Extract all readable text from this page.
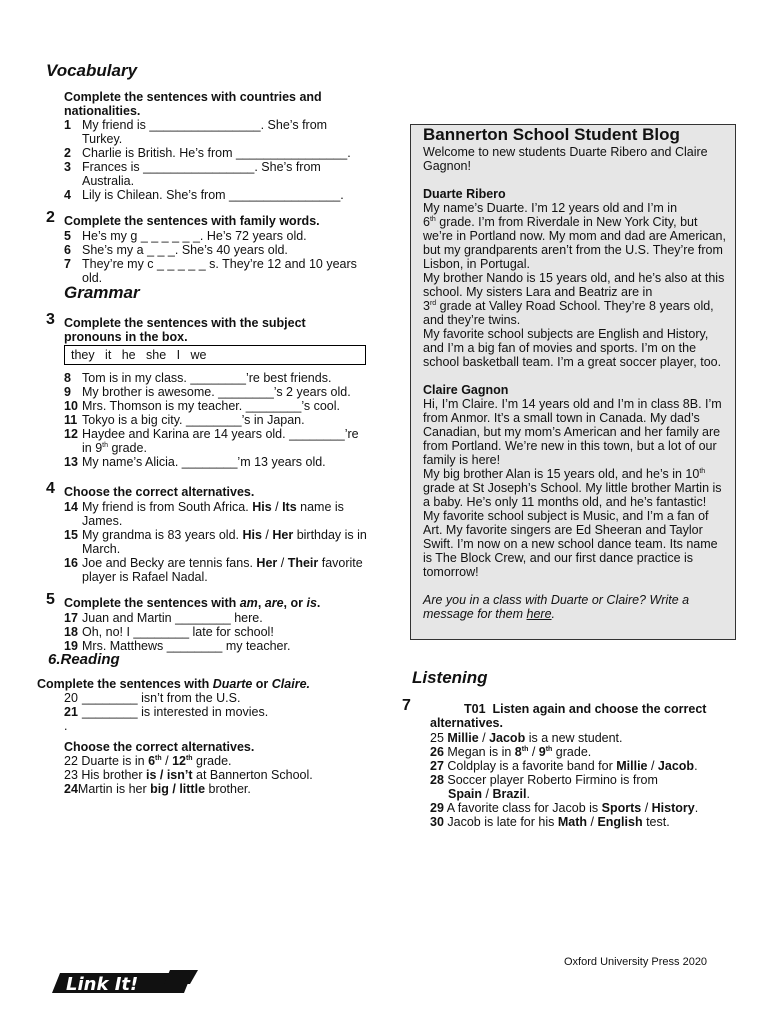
Vocabulary
Complete the sentences with countries and nationalities.
1 My friend is ________________. She’s from Turkey.
2 Charlie is British. He’s from ________________.
3 Frances is ________________. She’s from Australia.
4 Lily is Chilean. She’s from ________________.
2 Complete the sentences with family words.
5 He’s my g _ _ _ _ _ _. He’s 72 years old.
6 She’s my a _ _ _. She’s 40 years old.
7 They’re my c _ _ _ _ _ s. They’re 12 and 10 years old.
Grammar
3 Complete the sentences with the subject pronouns in the box.
they   it   he   she   I   we
8 Tom is in my class. ________’re best friends.
9 My brother is awesome. ________’s 2 years old.
10 Mrs. Thomson is my teacher. ________’s cool.
11 Tokyo is a big city. ________’s in Japan.
12 Haydee and Karina are 14 years old. ________’re
in 9th grade.
13 My name’s Alicia. ________’m 13 years old.
4 Choose the correct alternatives.
14 My friend is from South Africa. His / Its name is James.
15 My grandma is 83 years old. His / Her birthday is in March.
16 Joe and Becky are tennis fans. Her / Their favorite player is Rafael Nadal.
5 Complete the sentences with am, are, or is.
17 Juan and Martin ________ here.
18 Oh, no! I ________ late for school!
19 Mrs. Matthews ________ my teacher.
6.Reading
Complete the sentences with Duarte or Claire.
20 ________ isn’t from the U.S.
21 ________ is interested in movies.
.
Choose the correct alternatives.
22 Duarte is in 6th / 12th grade.
23 His brother is / isn’t at Bannerton School.
24Martin is her big / little brother.
Bannerton School Student Blog

Welcome to new students Duarte Ribero and Claire Gagnon!

Duarte Ribero

My name’s Duarte. I’m 12 years old and I’m in
6th grade. I’m from Riverdale in New York City, but we’re in Portland now. My mom and dad are American, but my grandparents aren’t from the U.S. They’re from Lisbon, in Portugal.

My brother Nando is 15 years old, and he’s also at this school. My sisters Lara and Beatriz are in
3rd grade at Valley Road School. They’re 8 years old, and they’re twins.

My favorite school subjects are English and History, and I’m a big fan of movies and sports. I’m on the school basketball team. I’m a great soccer player, too.

Claire Gagnon

Hi, I’m Claire. I’m 14 years old and I’m in class 8B. I’m from Anmor. It’s a small town in Canada. My dad’s Canadian, but my mom’s American and her family are from Portland. We’re new in this town, but a lot of our family is here!

My big brother Alan is 15 years old, and he’s in 10th grade at St Joseph’s School. My little brother Martin is a baby. He’s only 11 months old, and he’s fantastic!

My favorite school subject is Music, and I’m a fan of Art. My favorite singers are Ed Sheeran and Taylor Swift. I’m now on a new school dance team. Its name is The Block Crew, and our first dance practice is tomorrow!

Are you in a class with Duarte or Claire? Write a message for them here.

Listening
7	T01 Listen again and choose the correct alternatives.
25 Millie / Jacob is a new student.
26 Megan is in 8th / 9th grade.
27 Coldplay is a favorite band for Millie / Jacob.
28 Soccer player Roberto Firmino is from
Spain / Brazil.
29 A favorite class for Jacob is Sports / History.
30 Jacob is late for his Math / English test.
Oxford University Press 2020
Link It!
